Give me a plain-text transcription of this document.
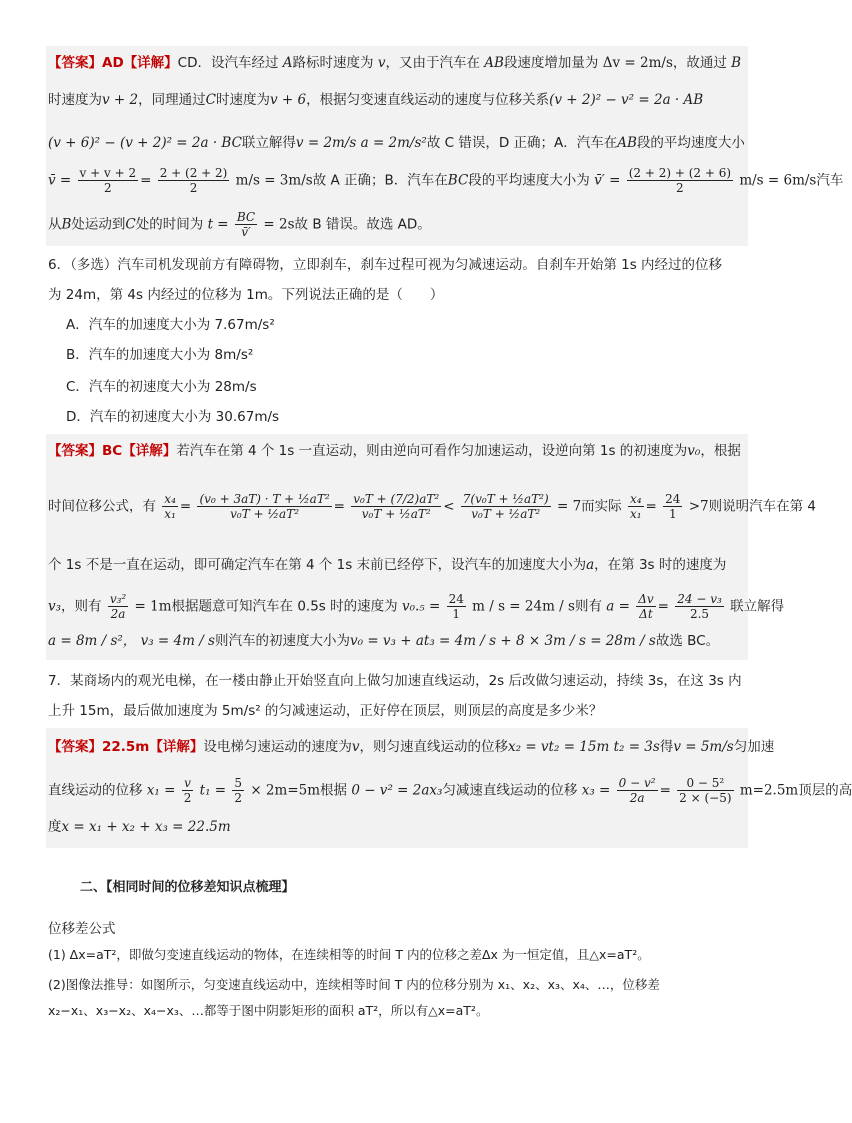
【答案】AD【详解】CD．设汽车经过 A路标时速度为 v，又由于汽车在 AB段速度增加量为 Δv = 2m/s，故通过 B
时速度为v + 2，同理通过C时速度为v + 6，根据匀变速直线运动的速度与位移关系(v + 2)² − v² = 2a · AB
(v + 6)² − (v + 2)² = 2a · BC联立解得v = 2m/s a = 2m/s²故 C 错误，D 正确；A．汽车在AB段的平均速度大小
v̄ = $\frac{v + v + 2}{2} = \frac{2 + (2 + 2)}{2} m/s = 3m/s$故 A 正确；B．汽车在BC段的平均速度大小为 v̄′ = $\frac{(2 + 2) + (2 + 6)}{2} m/s = 6m/s$汽车
从B处运动到C处的时间为 $t = \frac{BC}{v̄'} = 2s$故 B 错误。故选 AD。
6．（多选）汽车司机发现前方有障碍物，立即刹车，刹车过程可视为匀减速运动。自刹车开始第 1s 内经过的位移
为 24m，第 4s 内经过的位移为 1m。下列说法正确的是（　　）
A．汽车的加速度大小为 7.67m/s²
B．汽车的加速度大小为 8m/s²
C．汽车的初速度大小为 28m/s
D．汽车的初速度大小为 30.67m/s
【答案】BC【详解】若汽车在第 4 个 1s 一直运动，则由逆向可看作匀加速运动，设逆向第 1s 的初速度为v₀，根据
时间位移公式，有 $\frac{\text{x₄}}{\text{x₁}} = \frac{\text{(v₀ + 3aT) · T + ½aT²}}{\text{v₀T + ½aT²}} = \frac{\text{v₀T + (7/2)aT²}}{\text{v₀T + ½aT²}} < \frac{\text{7(v₀T + ½aT²)}}{\text{v₀T + ½aT²}} = 7$而实际 $\frac{\text{x₄}}{\text{x₁}} = \frac{24}{1} >7$则说明汽车在第 4
个 1s 不是一直在运动，即可确定汽车在第 4 个 1s 末前已经停下，设汽车的加速度大小为a，在第 3s 时的速度为
v₃，则有 $\frac{\text{v₃²}}{2a} = 1m$根据题意可知汽车在 0.5s 时的速度为 $v_0._5 = \frac{24}{1}$ m / s = 24m / s则有 $a = \frac{\Delta v}{\Delta t} = \frac{\text{24 − v₃}}{2.5}$ 联立解得
a = 8m / s²， v₃ = 4m / s则汽车的初速度大小为v₀ = v₃ + at₃ = 4m / s + 8 × 3m / s = 28m / s故选 BC。
7．某商场内的观光电梯，在一楼由静止开始竖直向上做匀加速直线运动，2s 后改做匀速运动，持续 3s，在这 3s 内
上升 15m，最后做加速度为 5m/s² 的匀减速运动，正好停在顶层，则顶层的高度是多少米？
【答案】22.5m【详解】设电梯匀速运动的速度为v，则匀速直线运动的位移x₂ = vt₂ = 15m t₂ = 3s得v = 5m/s匀加速
直线运动的位移 $x_1 = \frac{v}{2} t_1 = \frac{5}{2} \times 2m=5m$根据 0 − v² = 2ax₃匀减速直线运动的位移 $x_3 = \frac{\text{0 − v²}}{2a} = \frac{\text{0 − 5²}}{2 \times (-5)} m=2.5m$顶层的高
度x = x₁ + x₂ + x₃ = 22.5m
二、【相同时间的位移差知识点梳理】
位移差公式
(1) Δx=aT²，即做匀变速直线运动的物体，在连续相等的时间 T 内的位移之差Δx 为一恒定值，且△x=aT²。
(2)图像法推导：如图所示，匀变速直线运动中，连续相等时间 T 内的位移分别为 x₁、x₂、x₃、x₄、…，位移差
x₂−x₁、x₃−x₂、x₄−x₃、…都等于图中阴影矩形的面积 aT²，所以有△x=aT²。
